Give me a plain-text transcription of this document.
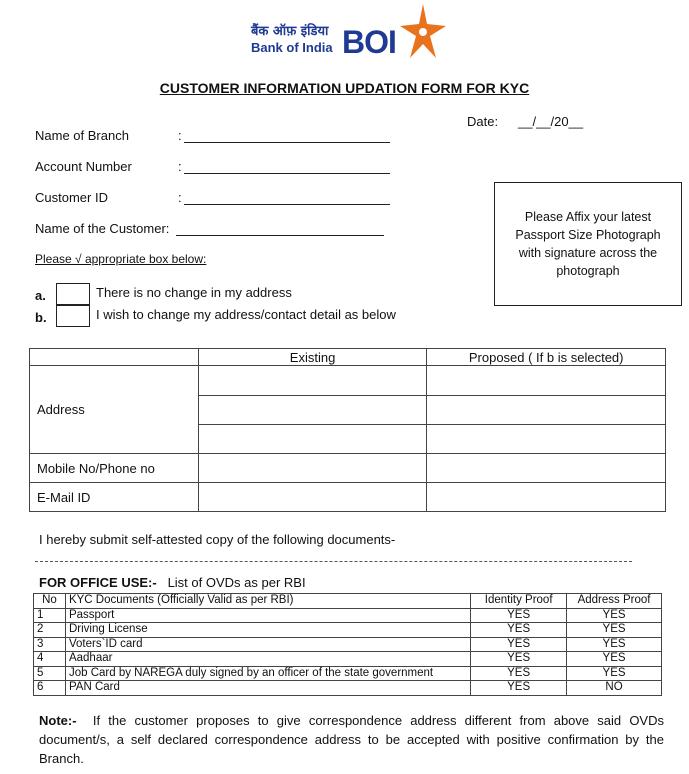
बैंक ऑफ़ इंडिया
Bank of India BOI
CUSTOMER INFORMATION UPDATION FORM FOR KYC
Date: __/__/20__
Name of Branch	:
Account Number	:
Customer ID	:
Name of the Customer:
Please Affix your latest Passport Size Photograph with signature across the photograph
Please √ appropriate box below:
a.	There is no change in my address
b.	I wish to change my address/contact detail as below
	Existing	Proposed ( If b is selected)
Address		

Mobile No/Phone no		
E-Mail ID		
I hereby submit self-attested copy of the following documents-
FOR OFFICE USE:- List of OVDs as per RBI
No	KYC Documents (Officially Valid as per RBI)	Identity Proof	Address Proof
1	Passport	YES	YES
2	Driving License	YES	YES
3	Voters`ID card	YES	YES
4	Aadhaar	YES	YES
5	Job Card by NAREGA duly signed by an officer of the state government	YES	YES
6	PAN Card	YES	NO
Note:- If the customer proposes to give correspondence address different from above said OVDs document/s, a self declared correspondence address to be accepted with positive confirmation by the Branch.
